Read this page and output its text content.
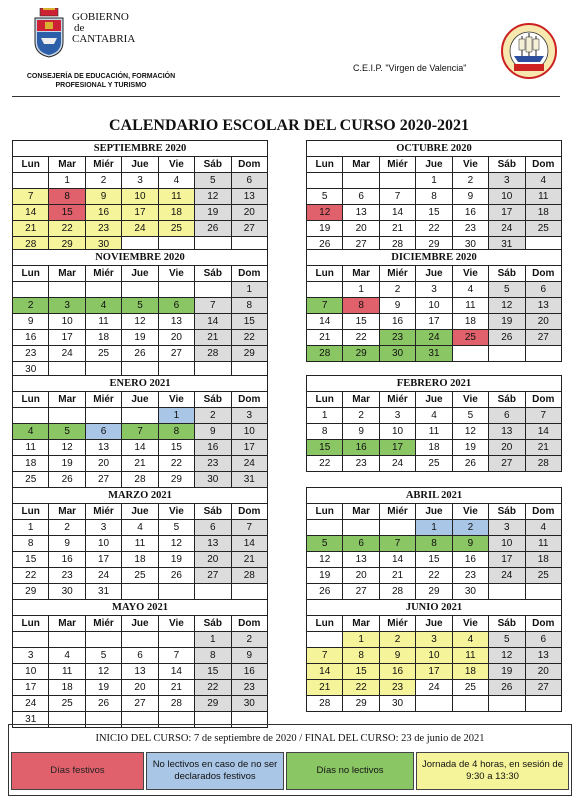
GOBIERNO
de
CANTABRIA
CONSEJERÍA DE EDUCACIÓN, FORMACIÓN PROFESIONAL Y TURISMO
C.E.I.P. "Virgen de Valencia"
CALENDARIO ESCOLAR DEL CURSO 2020-2021
SEPTIEMBRE 2020						
Lun	Mar	Miér	Jue	Vie	Sáb	Dom
	1	2	3	4	5	6
7	8	9	10	11	12	13
14	15	16	17	18	19	20
21	22	23	24	25	26	27
28	29	30				
OCTUBRE 2020						
Lun	Mar	Miér	Jue	Vie	Sáb	Dom
			1	2	3	4
5	6	7	8	9	10	11
12	13	14	15	16	17	18
19	20	21	22	23	24	25
26	27	28	29	30	31	
NOVIEMBRE 2020						
Lun	Mar	Miér	Jue	Vie	Sáb	Dom
						1
2	3	4	5	6	7	8
9	10	11	12	13	14	15
16	17	18	19	20	21	22
23	24	25	26	27	28	29
30						
DICIEMBRE 2020						
Lun	Mar	Miér	Jue	Vie	Sáb	Dom
	1	2	3	4	5	6
7	8	9	10	11	12	13
14	15	16	17	18	19	20
21	22	23	24	25	26	27
28	29	30	31			
ENERO 2021						
Lun	Mar	Miér	Jue	Vie	Sáb	Dom
				1	2	3
4	5	6	7	8	9	10
11	12	13	14	15	16	17
18	19	20	21	22	23	24
25	26	27	28	29	30	31
FEBRERO 2021						
Lun	Mar	Miér	Jue	Vie	Sáb	Dom
1	2	3	4	5	6	7
8	9	10	11	12	13	14
15	16	17	18	19	20	21
22	23	24	25	26	27	28
MARZO 2021						
Lun	Mar	Miér	Jue	Vie	Sáb	Dom
1	2	3	4	5	6	7
8	9	10	11	12	13	14
15	16	17	18	19	20	21
22	23	24	25	26	27	28
29	30	31				
ABRIL 2021						
Lun	Mar	Miér	Jue	Vie	Sáb	Dom
			1	2	3	4
5	6	7	8	9	10	11
12	13	14	15	16	17	18
19	20	21	22	23	24	25
26	27	28	29	30		
MAYO 2021						
Lun	Mar	Miér	Jue	Vie	Sáb	Dom
					1	2
3	4	5	6	7	8	9
10	11	12	13	14	15	16
17	18	19	20	21	22	23
24	25	26	27	28	29	30
31						
JUNIO 2021						
Lun	Mar	Miér	Jue	Vie	Sáb	Dom
	1	2	3	4	5	6
7	8	9	10	11	12	13
14	15	16	17	18	19	20
21	22	23	24	25	26	27
28	29	30				
INICIO DEL CURSO: 7 de septiembre de 2020 / FINAL DEL CURSO: 23 de junio de 2021
Días festivos
No lectivos en caso de no ser declarados festivos
Días no lectivos
Jornada de 4 horas, en sesión de 9:30 a 13:30
